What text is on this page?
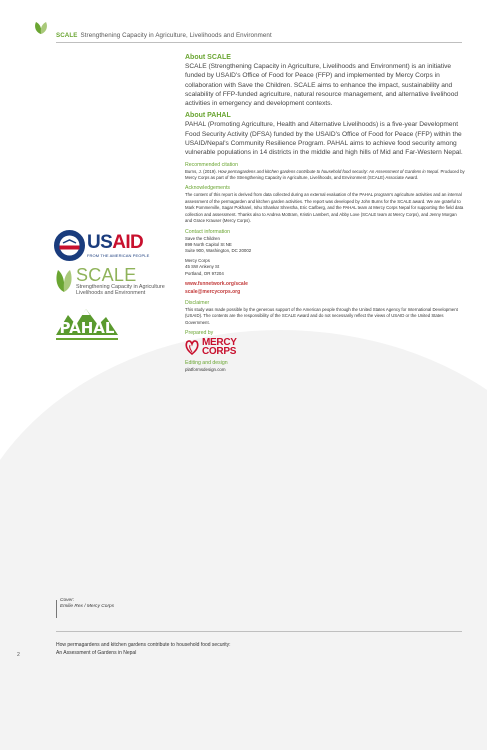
SCALE Strengthening Capacity in Agriculture, Livelihoods and Environment
About SCALE
SCALE (Strengthening Capacity in Agriculture, Livelihoods and Environment) is an initiative funded by USAID's Office of Food for Peace (FFP) and implemented by Mercy Corps in collaboration with Save the Children. SCALE aims to enhance the impact, sustainability and scalability of FFP-funded agriculture, natural resource management, and alternative livelihood activities in emergency and development contexts.
About PAHAL
PAHAL (Promoting Agriculture, Health and Alternative Livelihoods) is a five-year Development Food Security Activity (DFSA) funded by the USAID's Office of Food for Peace (FFP) within the USAID/Nepal's Community Resilience Program. PAHAL aims to achieve food security among vulnerable populations in 14 districts in the middle and high hills of Mid and Far-Western Nepal.
Recommended citation
Burns, J. (2019). How permagardens and kitchen gardens contribute to household food security: An Assessment of Gardens in Nepal. Produced by Mercy Corps as part of the Strengthening Capacity in Agriculture, Livelihoods, and Environment (SCALE) Associate Award.
Acknowledgements
The content of this report is derived from data collected during an external evaluation of the PAHAL program's agriculture activities and an internal assessment of the permagarden and kitchen garden activities. The report was developed by John Burns for the SCALE award. We are grateful to Mark Pommerville, Sagar Pokharel, Ishu Shankar Shrestha, Eric Carlberg, and the PAHAL team at Mercy Corps Nepal for supporting the field data collection and assessment. Thanks also to Andrea Mottram, Kristin Lambert, and Abby Love (SCALE team at Mercy Corps), and Jenny Morgan and Grace Krauser (Mercy Corps).
Contact information
Save the Children
899 North Capitol St NE
Suite 900, Washington, DC 20002
Mercy Corps
45 SW Ankeny St
Portland, OR 97204
www.fsnnetwork.org/scale
scale@mercycorps.org
Disclaimer
This study was made possible by the generous support of the American people through the United States Agency for International Development (USAID). The contents are the responsibility of the SCALE Award and do not necessarily reflect the views of USAID or the United States Government.
Prepared by
MERCY
CORPS
Editing and design
platformsdesign.com
USAID
FROM THE AMERICAN PEOPLE
SCALE
Strengthening Capacity in Agriculture
Livelihoods and Environment
PAHAL
Cover:
Emilie Rex / Mercy Corps
How permagardens and kitchen gardens contribute to household food security:
An Assessment of Gardens in Nepal
2
